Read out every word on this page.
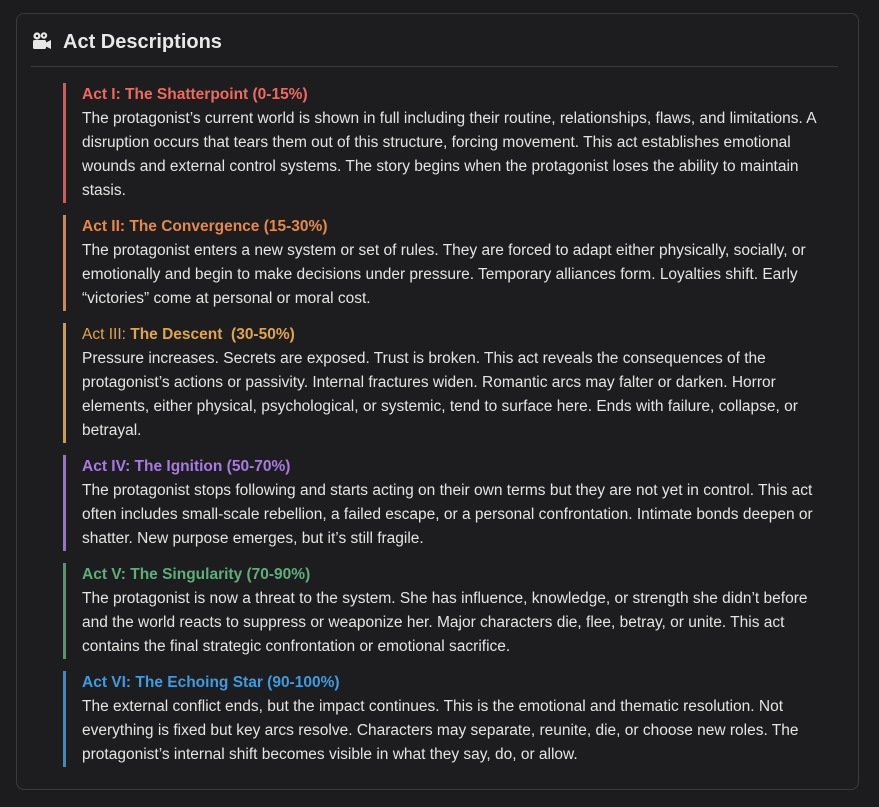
Act Descriptions
Act I: The Shatterpoint (0-15%)
The protagonist’s current world is shown in full including their routine, relationships, flaws, and limitations. A disruption occurs that tears them out of this structure, forcing movement. This act establishes emotional wounds and external control systems. The story begins when the protagonist loses the ability to maintain stasis.
Act II: The Convergence (15-30%)
The protagonist enters a new system or set of rules. They are forced to adapt either physically, socially, or emotionally and begin to make decisions under pressure. Temporary alliances form. Loyalties shift. Early “victories” come at personal or moral cost.
Act III: The Descent (30-50%)
Pressure increases. Secrets are exposed. Trust is broken. This act reveals the consequences of the protagonist’s actions or passivity. Internal fractures widen. Romantic arcs may falter or darken. Horror elements, either physical, psychological, or systemic, tend to surface here. Ends with failure, collapse, or betrayal.
Act IV: The Ignition (50-70%)
The protagonist stops following and starts acting on their own terms but they are not yet in control. This act often includes small-scale rebellion, a failed escape, or a personal confrontation. Intimate bonds deepen or shatter. New purpose emerges, but it’s still fragile.
Act V: The Singularity (70-90%)
The protagonist is now a threat to the system. She has influence, knowledge, or strength she didn’t before and the world reacts to suppress or weaponize her. Major characters die, flee, betray, or unite. This act contains the final strategic confrontation or emotional sacrifice.
Act VI: The Echoing Star (90-100%)
The external conflict ends, but the impact continues. This is the emotional and thematic resolution. Not everything is fixed but key arcs resolve. Characters may separate, reunite, die, or choose new roles. The protagonist’s internal shift becomes visible in what they say, do, or allow.
